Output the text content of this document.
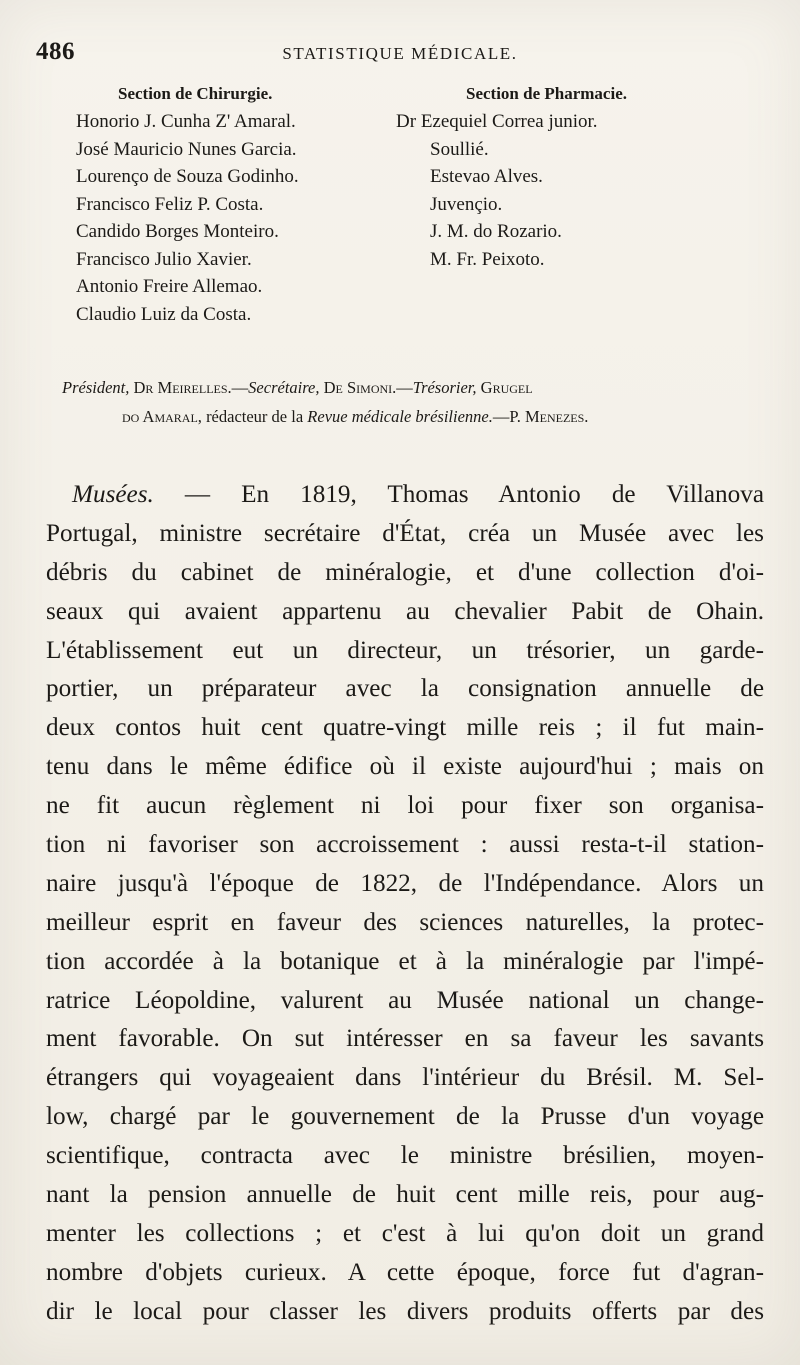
486	STATISTIQUE MÉDICALE.
Section de Chirurgie.
Honorio J. Cunha Z' Amaral.
José Mauricio Nunes Garcia.
Lourenço de Souza Godinho.
Francisco Feliz P. Costa.
Candido Borges Monteiro.
Francisco Julio Xavier.
Antonio Freire Allemao.
Claudio Luiz da Costa.
Section de Pharmacie.
Dr Ezequiel Correa junior.
Soullié.
Estevao Alves.
Juvençio.
J. M. do Rozario.
M. Fr. Peixoto.
Président, Dr Meirelles.—Secrétaire, De Simoni.—Trésorier, Grugel
do Amaral, rédacteur de la Revue médicale brésilienne.—P. Menezes.
Musées. — En 1819, Thomas Antonio de Villanova
Portugal, ministre secrétaire d'État, créa un Musée avec les
débris du cabinet de minéralogie, et d'une collection d'oi-
seaux qui avaient appartenu au chevalier Pabit de Ohain.
L'établissement eut un directeur, un trésorier, un garde-
portier, un préparateur avec la consignation annuelle de
deux contos huit cent quatre-vingt mille reis ; il fut main-
tenu dans le même édifice où il existe aujourd'hui ; mais on
ne fit aucun règlement ni loi pour fixer son organisa-
tion ni favoriser son accroissement : aussi resta-t-il station-
naire jusqu'à l'époque de 1822, de l'Indépendance. Alors un
meilleur esprit en faveur des sciences naturelles, la protec-
tion accordée à la botanique et à la minéralogie par l'impé-
ratrice Léopoldine, valurent au Musée national un change-
ment favorable. On sut intéresser en sa faveur les savants
étrangers qui voyageaient dans l'intérieur du Brésil. M. Sel-
low, chargé par le gouvernement de la Prusse d'un voyage
scientifique, contracta avec le ministre brésilien, moyen-
nant la pension annuelle de huit cent mille reis, pour aug-
menter les collections ; et c'est à lui qu'on doit un grand
nombre d'objets curieux. A cette époque, force fut d'agran-
dir le local pour classer les divers produits offerts par des
